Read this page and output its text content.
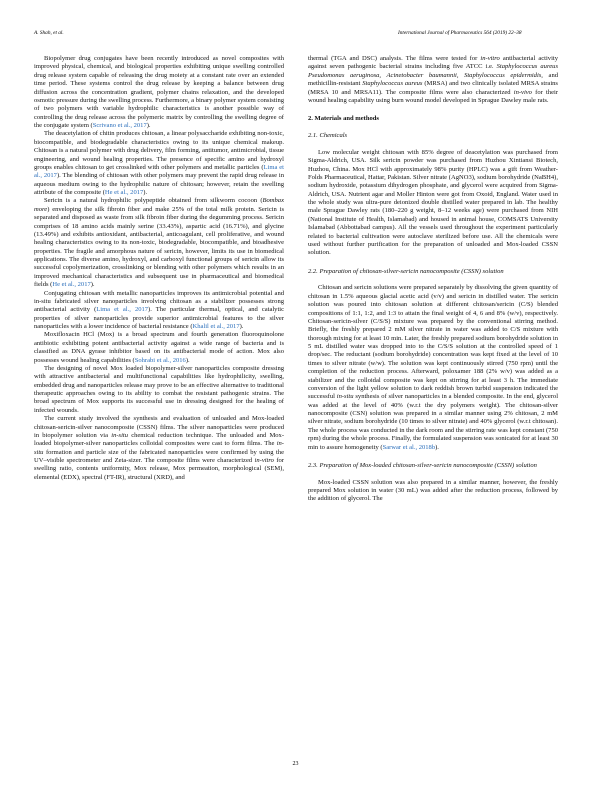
A. Shah, et al.	International Journal of Pharmaceutics 564 (2019) 22–38

Biopolymer drug conjugates have been recently introduced as novel composites with improved physical, chemical, and biological properties exhibiting unique swelling controlled drug release system capable of releasing the drug moiety at a constant rate over an extended time period. These systems control the drug release by keeping a balance between drug diffusion across the concentration gradient, polymer chains relaxation, and the developed osmotic pressure during the swelling process. Furthermore, a binary polymer system consisting of two polymers with variable hydrophilic characteristics is another possible way of controlling the drug release across the polymeric matrix by controlling the swelling degree of the conjugate system (Scrivano et al., 2017).

The deacetylation of chitin produces chitosan, a linear polysaccharide exhibiting non-toxic, biocompatible, and biodegradable characteristics owing to its unique chemical makeup. Chitosan is a natural polymer with drug delivery, film forming, antitumor, antimicrobial, tissue engineering, and wound healing properties. The presence of specific amino and hydroxyl groups enables chitosan to get crosslinked with other polymers and metallic particles (Lima et al., 2017). The blending of chitosan with other polymers may prevent the rapid drug release in aqueous medium owing to the hydrophilic nature of chitosan; however, retain the swelling attribute of the composite (He et al., 2017).

Sericin is a natural hydrophilic polypeptide obtained from silkworm cocoon (Bombax more) enveloping the silk fibroin fiber and make 25% of the total milk protein. Sericin is separated and disposed as waste from silk fibroin fiber during the degumming process. Sericin comprises of 18 amino acids mainly serine (33.43%), aspartic acid (16.71%), and glycine (13.49%) and exhibits antioxidant, antibacterial, anticoagulant, cell proliferative, and wound healing characteristics owing to its non-toxic, biodegradable, biocompatible, and bioadhesive properties. The fragile and amorphous nature of sericin, however, limits its use in biomedical applications. The diverse amino, hydroxyl, and carboxyl functional groups of sericin allow its successful copolymerization, crosslinking or blending with other polymers which results in an improved mechanical characteristics and subsequent use in pharmaceutical and biomedical fields (He et al., 2017).

Conjugating chitosan with metallic nanoparticles improves its antimicrobial potential and in-situ fabricated silver nanoparticles involving chitosan as a stabilizer possesses strong antibacterial activity (Lima et al., 2017). The particular thermal, optical, and catalytic properties of silver nanoparticles provide superior antimicrobial features to the silver nanoparticles with a lower incidence of bacterial resistance (Khalil et al., 2017).

Moxifloxacin HCl (Mox) is a broad spectrum and fourth generation fluoroquinolone antibiotic exhibiting potent antibacterial activity against a wide range of bacteria and is classified as DNA gyrase inhibitor based on its antibacterial mode of action. Mox also possesses wound healing capabilities (Sohrabi et al., 2016).

The designing of novel Mox loaded biopolymer-silver nanoparticles composite dressing with attractive antibacterial and multifunctional capabilities like hydrophilicity, swelling, embedded drug and nanoparticles release may prove to be an effective alternative to traditional therapeutic approaches owing to its ability to combat the resistant pathogenic strains. The broad spectrum of Mox supports its successful use in dressing designed for the healing of infected wounds.

The current study involved the synthesis and evaluation of unloaded and Mox-loaded chitosan-sericin-silver nanocomposite (CSSN) films. The silver nanoparticles were produced in biopolymer solution via in-situ chemical reduction technique. The unloaded and Mox-loaded biopolymer-silver nanoparticles colloidal composites were cast to form films. The in-situ formation and particle size of the fabricated nanoparticles were confirmed by using the UV–visible spectrometer and Zeta-sizer. The composite films were characterized in-vitro for swelling ratio, contents uniformity, Mox release, Mox permeation, morphological (SEM), elemental (EDX), spectral (FT-IR), structural (XRD), and

thermal (TGA and DSC) analysis. The films were tested for in-vitro antibacterial activity against seven pathogenic bacterial strains including five ATCC i.e. Staphylococcus aureus Pseudomonas aeruginosa, Acinetobacter baumannii, Staphylococcus epidermidis, and methicillin-resistant Staphylococcus aureus (MRSA) and two clinically isolated MRSA strains (MRSA 10 and MRSA11). The composite films were also characterized in-vivo for their wound healing capability using burn wound model developed in Sprague Dawley male rats.

2. Materials and methods
2.1. Chemicals

Low molecular weight chitosan with 85% degree of deacetylation was purchased from Sigma-Aldrich, USA. Silk sericin powder was purchased from Huzhou Xintiansi Biotech, Huzhou, China. Mox HCl with approximately 98% purity (HPLC) was a gift from Weather-Folds Pharmaceutical, Hattar, Pakistan. Silver nitrate (AgNO3), sodium borohydride (NaBH4), sodium hydroxide, potassium dihydrogen phosphate, and glycerol were acquired from Sigma-Aldrich, USA. Nutrient agar and Moller Hinton were got from Oxoid, England. Water used in the whole study was ultra-pure deionized double distilled water prepared in lab. The healthy male Sprague Dawley rats (180–220 g weight, 8–12 weeks age) were purchased from NIH (National Institute of Health, Islamabad) and housed in animal house, COMSATS University Islamabad (Abbottabad campus). All the vessels used throughout the experiment particularly related to bacterial cultivation were autoclave sterilized before use. All the chemicals were used without further purification for the preparation of unloaded and Mox-loaded CSSN solution.

2.2. Preparation of chitosan-silver-sericin nanocomposite (CSSN) solution

Chitosan and sericin solutions were prepared separately by dissolving the given quantity of chitosan in 1.5% aqueous glacial acetic acid (v/v) and sericin in distilled water. The sericin solution was poured into chitosan solution at different chitosan/sericin (C/S) blended compositions of 1:1, 1:2, and 1:3 to attain the final weight of 4, 6 and 8% (w/v), respectively. Chitosan-sericin-silver (C/S/S) mixture was prepared by the conventional stirring method. Briefly, the freshly prepared 2 mM silver nitrate in water was added to C/S mixture with thorough mixing for at least 10 min. Later, the freshly prepared sodium borohydride solution in 5 mL distilled water was dropped into to the C/S/S solution at the controlled speed of 1 drop/sec. The reductant (sodium borohydride) concentration was kept fixed at the level of 10 times to silver nitrate (w/w). The solution was kept continuously stirred (750 rpm) until the completion of the reduction process. Afterward, poloxamer 188 (2% w/v) was added as a stabilizer and the colloidal composite was kept on stirring for at least 3 h. The immediate conversion of the light yellow solution to dark reddish brown turbid suspension indicated the successful in-situ synthesis of silver nanoparticles in a blended composite. In the end, glycerol was added at the level of 40% (w.r.t the dry polymers weight). The chitosan-silver nanocomposite (CSN) solution was prepared in a similar manner using 2% chitosan, 2 mM silver nitrate, sodium borohydride (10 times to silver nitrate) and 40% glycerol (w.r.t chitosan). The whole process was conducted in the dark room and the stirring rate was kept constant (750 rpm) during the whole process. Finally, the formulated suspension was sonicated for at least 30 min to assure homogeneity (Sarwar et al., 2018b).

2.3. Preparation of Mox-loaded chitosan-silver-sericin nanocomposite (CSSN) solution

Mox-loaded CSSN solution was also prepared in a similar manner, however, the freshly prepared Mox solution in water (30 mL) was added after the reduction process, followed by the addition of glycerol. The

23
